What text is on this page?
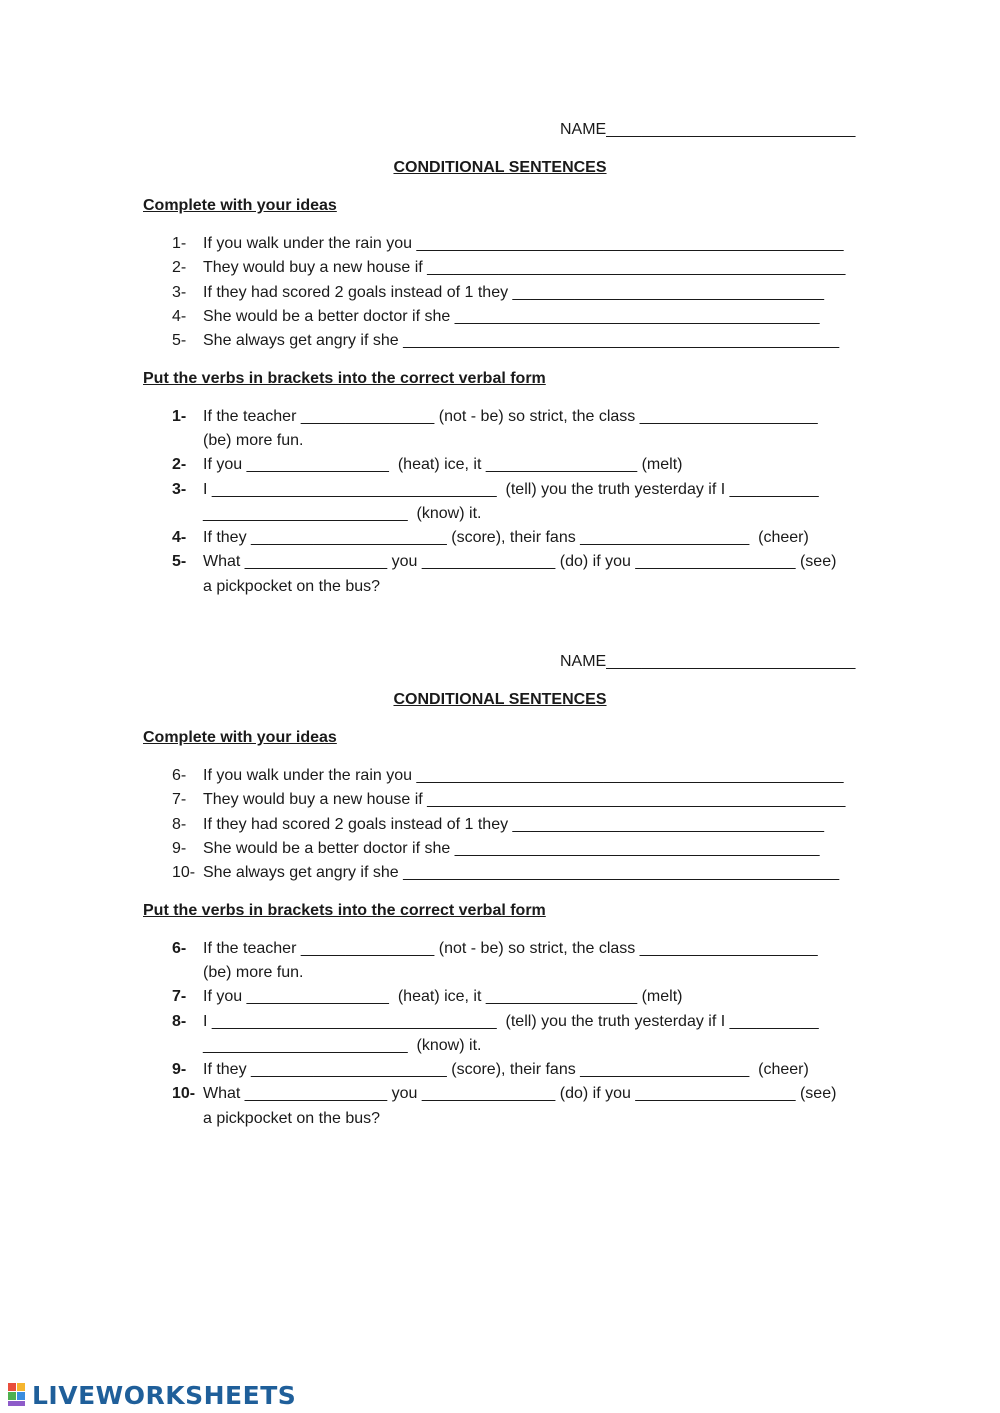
NAME____________________________
CONDITIONAL SENTENCES
Complete with your ideas
1- If you walk under the rain you ________________________________________________
2- They would buy a new house if _______________________________________________
3- If they had scored 2 goals instead of 1 they ___________________________________
4- She would be a better doctor if she _________________________________________
5- She always get angry if she _________________________________________________
Put the verbs in brackets into the correct verbal form
1- If the teacher _______________ (not - be) so strict, the class ____________________
(be) more fun.
2- If you ________________  (heat) ice, it _________________ (melt)
3- I ________________________________  (tell) you the truth yesterday if I __________
_______________________  (know) it.
4- If they ______________________ (score), their fans ___________________  (cheer)
5- What ________________ you _______________ (do) if you __________________ (see)
a pickpocket on the bus?
NAME____________________________
CONDITIONAL SENTENCES
Complete with your ideas
6- If you walk under the rain you ________________________________________________
7- They would buy a new house if _______________________________________________
8- If they had scored 2 goals instead of 1 they ___________________________________
9- She would be a better doctor if she _________________________________________
10- She always get angry if she _________________________________________________
Put the verbs in brackets into the correct verbal form
6- If the teacher _______________ (not - be) so strict, the class ____________________
(be) more fun.
7- If you ________________  (heat) ice, it _________________ (melt)
8- I ________________________________  (tell) you the truth yesterday if I __________
_______________________  (know) it.
9- If they ______________________ (score), their fans ___________________  (cheer)
10- What ________________ you _______________ (do) if you __________________ (see)
a pickpocket on the bus?
LIVEWORKSHEETS
